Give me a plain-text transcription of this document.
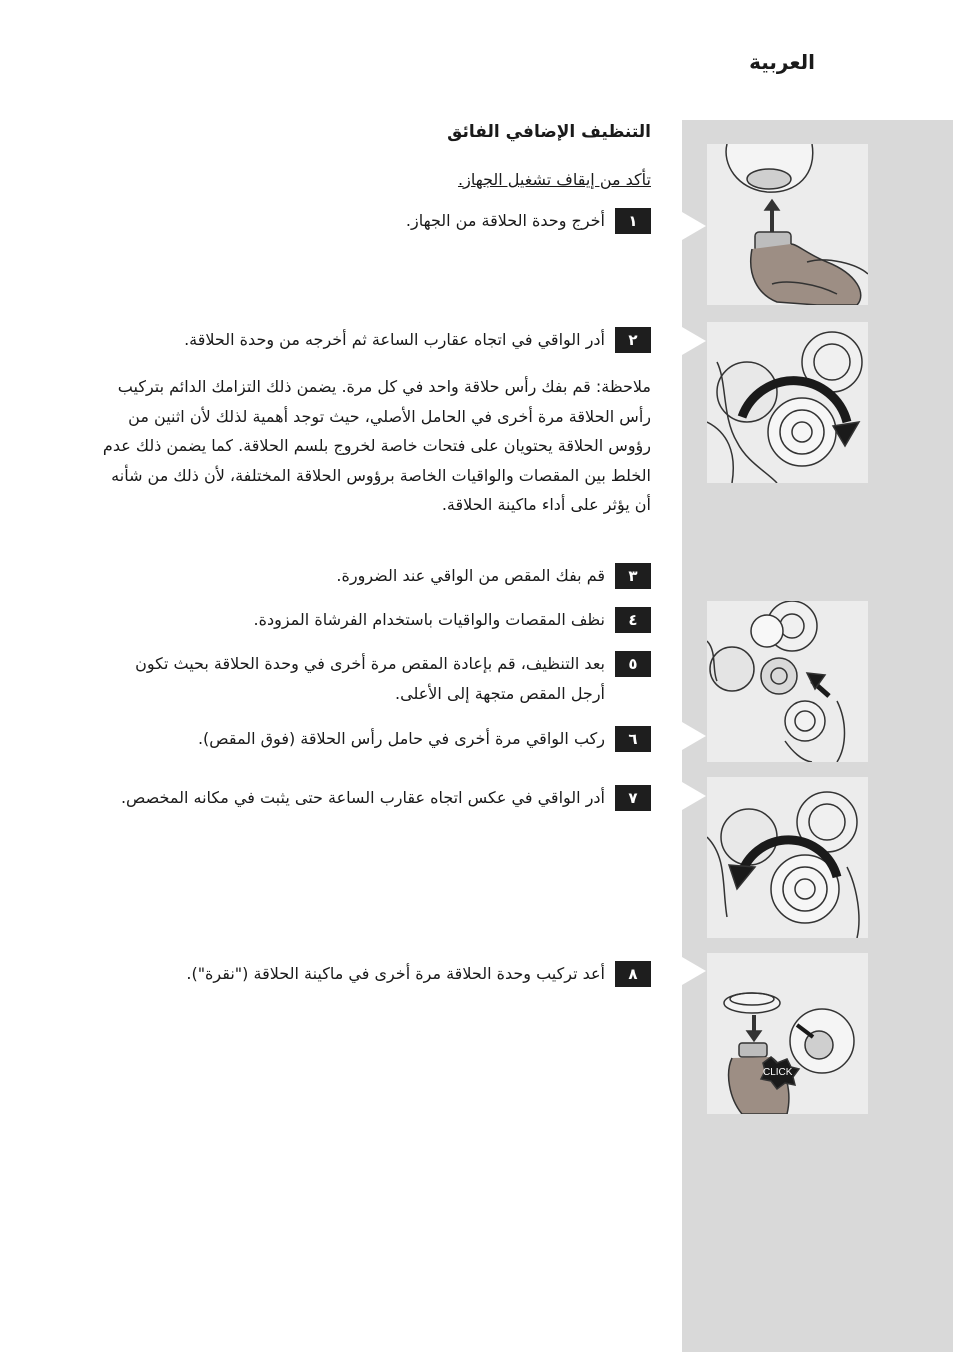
العربية
CLICK
التنظيف الإضافي الفائق
تأكد من إيقاف تشغيل الجهاز.
١
أخرج وحدة الحلاقة من الجهاز.
٢
أدر الواقي في اتجاه عقارب الساعة ثم أخرجه من وحدة الحلاقة.
ملاحظة: قم بفك رأس حلاقة واحد في كل مرة. يضمن ذلك التزامك الدائم بتركيب رأس الحلاقة مرة أخرى في الحامل الأصلي، حيث توجد أهمية لذلك لأن اثنين من رؤوس الحلاقة يحتويان على فتحات خاصة لخروج بلسم الحلاقة. كما يضمن ذلك عدم الخلط بين المقصات والواقيات الخاصة برؤوس الحلاقة المختلفة، لأن ذلك من شأنه أن يؤثر على أداء ماكينة الحلاقة.
٣
قم بفك المقص من الواقي عند الضرورة.
٤
نظف المقصات والواقيات باستخدام الفرشاة المزودة.
٥
بعد التنظيف، قم بإعادة المقص مرة أخرى في وحدة الحلاقة بحيث تكون أرجل المقص متجهة إلى الأعلى.
٦
ركب الواقي مرة أخرى في حامل رأس الحلاقة (فوق المقص).
٧
أدر الواقي في عكس اتجاه عقارب الساعة حتى يثبت في مكانه المخصص.
٨
أعد تركيب وحدة الحلاقة مرة أخرى في ماكينة الحلاقة ("نقرة").
